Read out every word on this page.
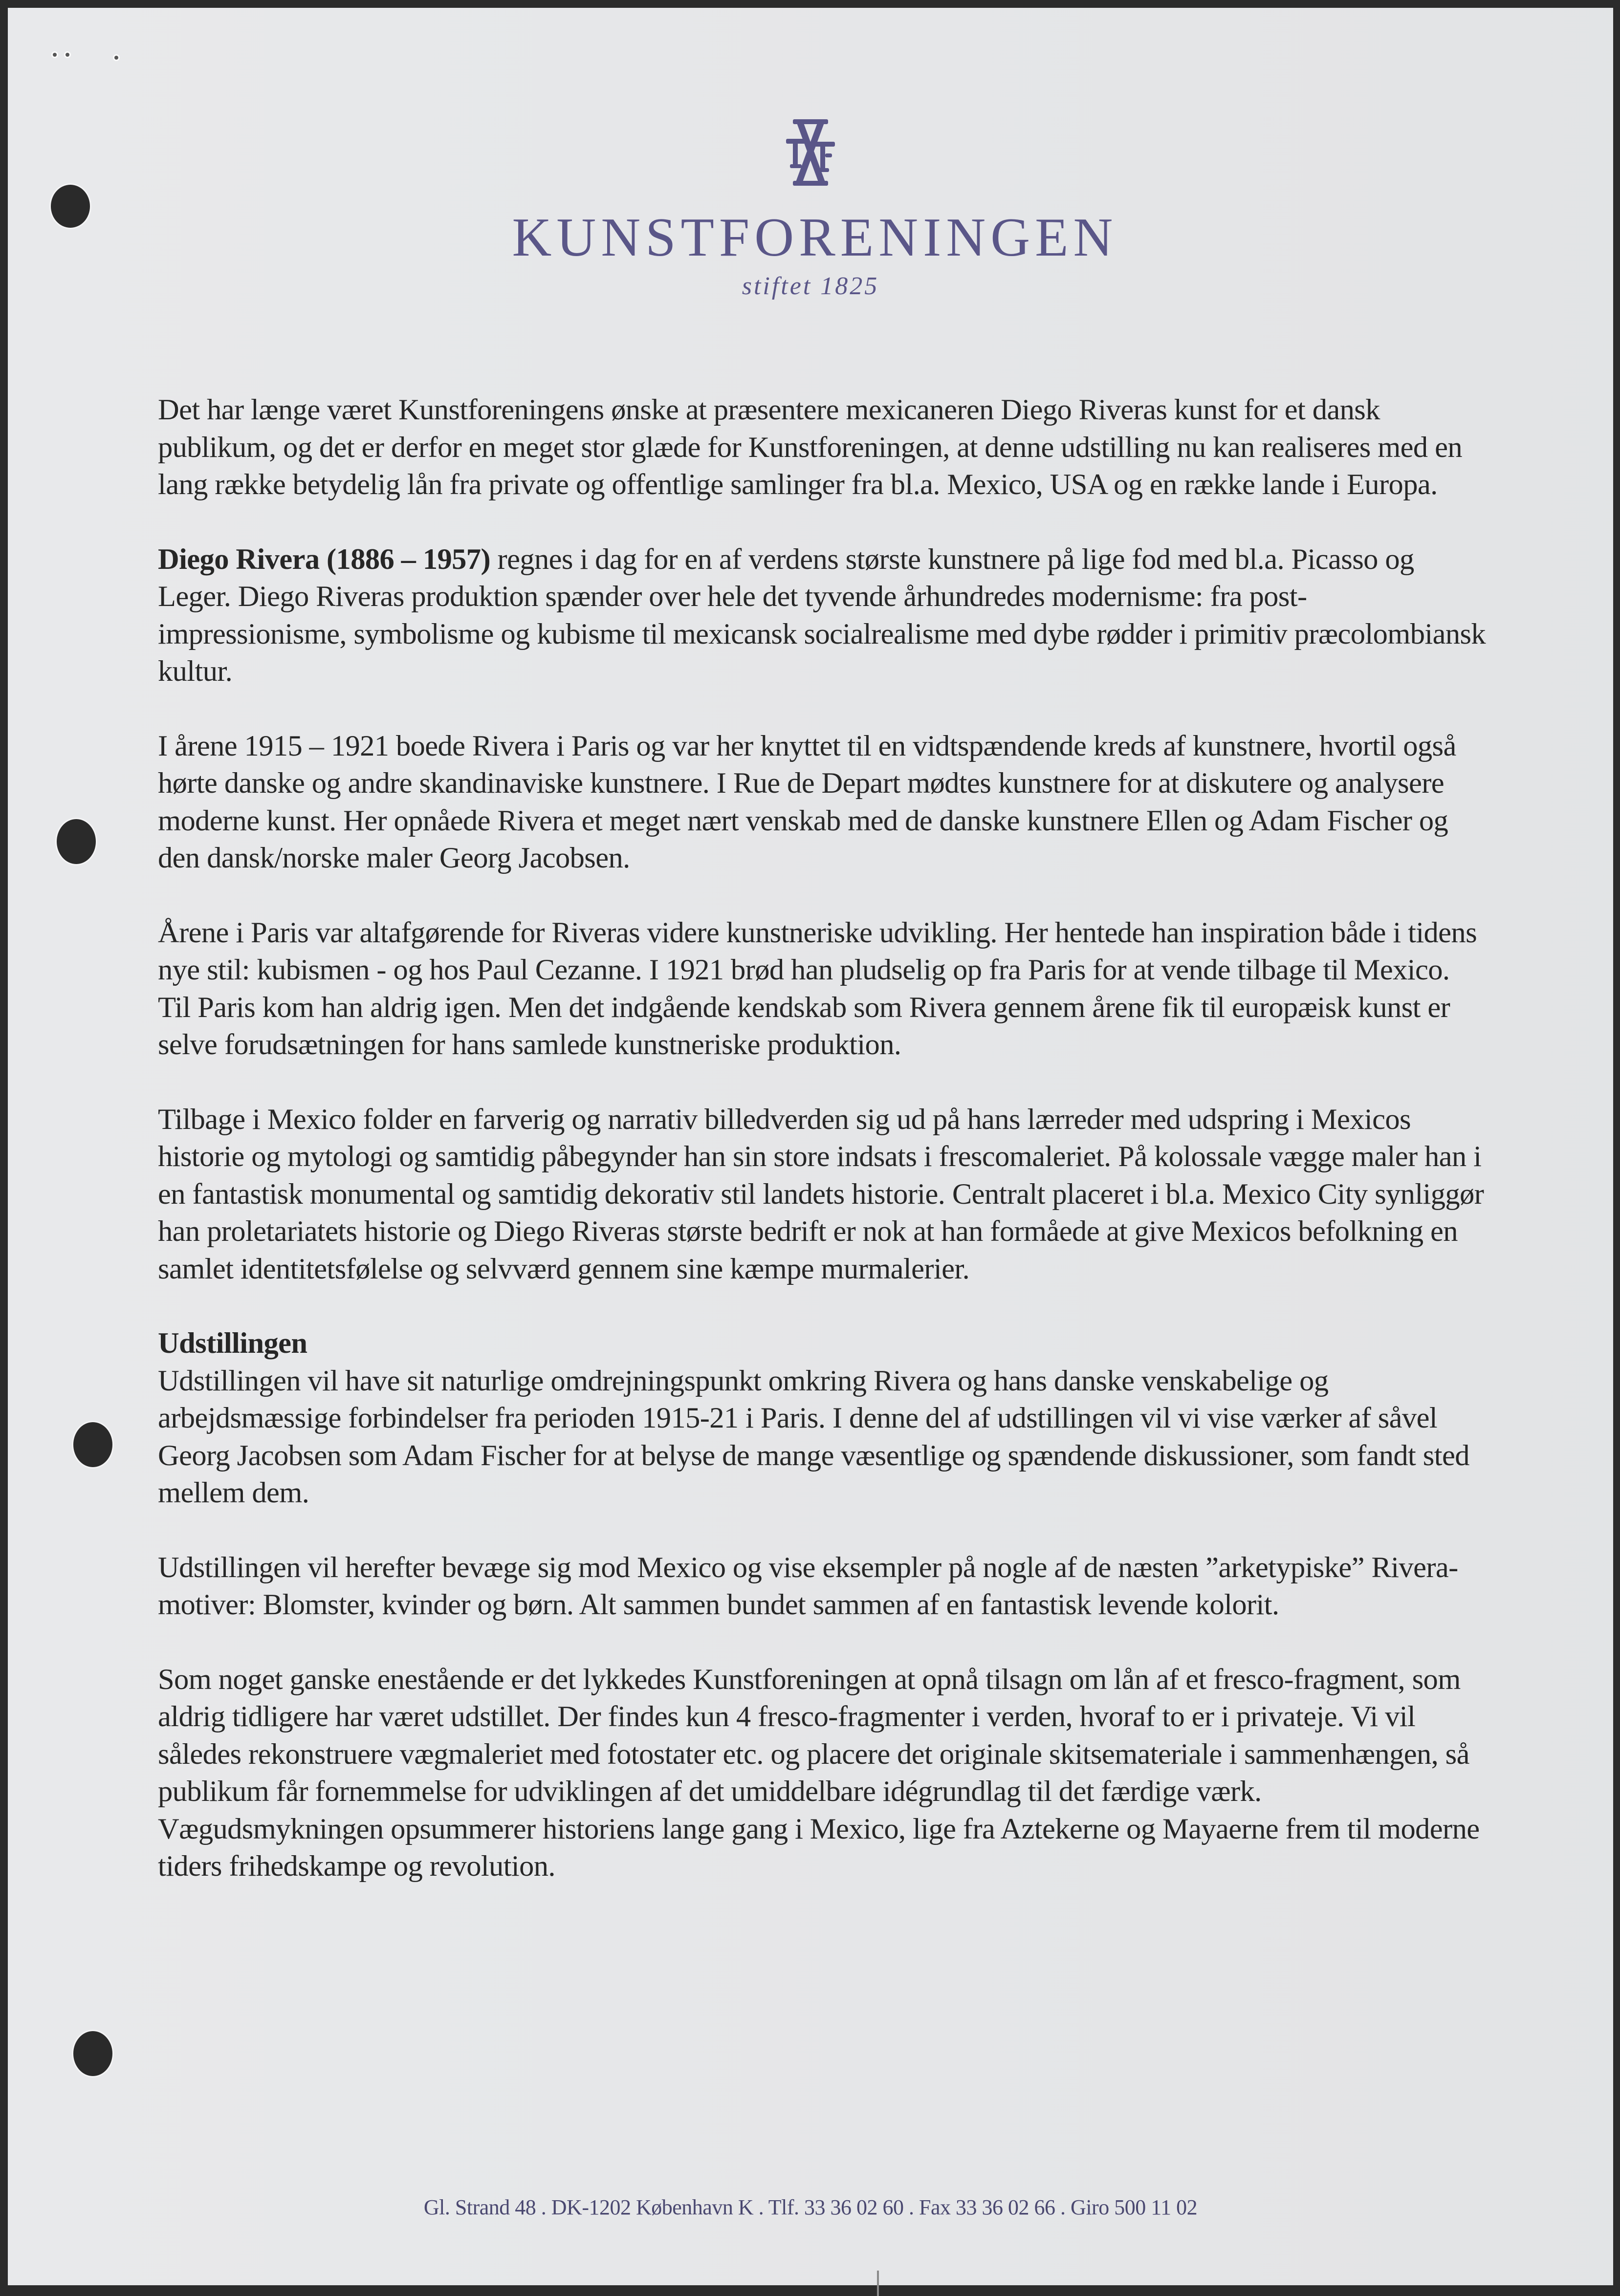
KUNSTFORENINGEN
stiftet 1825

Det har længe været Kunstforeningens ønske at præsentere mexicaneren Diego Riveras kunst for et dansk publikum, og det er derfor en meget stor glæde for Kunstforeningen, at denne udstilling nu kan realiseres med en lang række betydelig lån fra private og offentlige samlinger fra bl.a. Mexico, USA og en række lande i Europa.

Diego Rivera (1886 – 1957) regnes i dag for en af verdens største kunstnere på lige fod med bl.a. Picasso og Leger. Diego Riveras produktion spænder over hele det tyvende århundredes modernisme: fra post-impressionisme, symbolisme og kubisme til mexicansk socialrealisme med dybe rødder i primitiv præcolombiansk kultur.

I årene 1915 – 1921 boede Rivera i Paris og var her knyttet til en vidtspændende kreds af kunstnere, hvortil også hørte danske og andre skandinaviske kunstnere. I Rue de Depart mødtes kunstnere for at diskutere og analysere moderne kunst. Her opnåede Rivera et meget nært venskab med de danske kunstnere Ellen og Adam Fischer og den dansk/norske maler Georg Jacobsen.

Årene i Paris var altafgørende for Riveras videre kunstneriske udvikling. Her hentede han inspiration både i tidens nye stil: kubismen - og hos Paul Cezanne. I 1921 brød han pludselig op fra Paris for at vende tilbage til Mexico. Til Paris kom han aldrig igen. Men det indgående kendskab som Rivera gennem årene fik til europæisk kunst er selve forudsætningen for hans samlede kunstneriske produktion.

Tilbage i Mexico folder en farverig og narrativ billedverden sig ud på hans lærreder med udspring i Mexicos historie og mytologi og samtidig påbegynder han sin store indsats i frescomaleriet. På kolossale vægge maler han i en fantastisk monumental og samtidig dekorativ stil landets historie. Centralt placeret i bl.a. Mexico City synliggør han proletariatets historie og Diego Riveras største bedrift er nok at han formåede at give Mexicos befolkning en samlet identitetsfølelse og selvværd gennem sine kæmpe murmalerier.

Udstillingen
Udstillingen vil have sit naturlige omdrejningspunkt omkring Rivera og hans danske venskabelige og arbejdsmæssige forbindelser fra perioden 1915-21 i Paris. I denne del af udstillingen vil vi vise værker af såvel Georg Jacobsen som Adam Fischer for at belyse de mange væsentlige og spændende diskussioner, som fandt sted mellem dem.

Udstillingen vil herefter bevæge sig mod Mexico og vise eksempler på nogle af de næsten ”arketypiske” Rivera-motiver: Blomster, kvinder og børn. Alt sammen bundet sammen af en fantastisk levende kolorit.

Som noget ganske enestående er det lykkedes Kunstforeningen at opnå tilsagn om lån af et fresco-fragment, som aldrig tidligere har været udstillet. Der findes kun 4 fresco-fragmenter i verden, hvoraf to er i privateje. Vi vil således rekonstruere vægmaleriet med fotostater etc. og placere det originale skitsemateriale i sammenhængen, så publikum får fornemmelse for udviklingen af det umiddelbare idégrundlag til det færdige værk. Vægudsmykningen opsummerer historiens lange gang i Mexico, lige fra Aztekerne og Mayaerne frem til moderne tiders frihedskampe og revolution.

Gl. Strand 48 . DK-1202 København K . Tlf. 33 36 02 60 . Fax 33 36 02 66 . Giro 500 11 02
